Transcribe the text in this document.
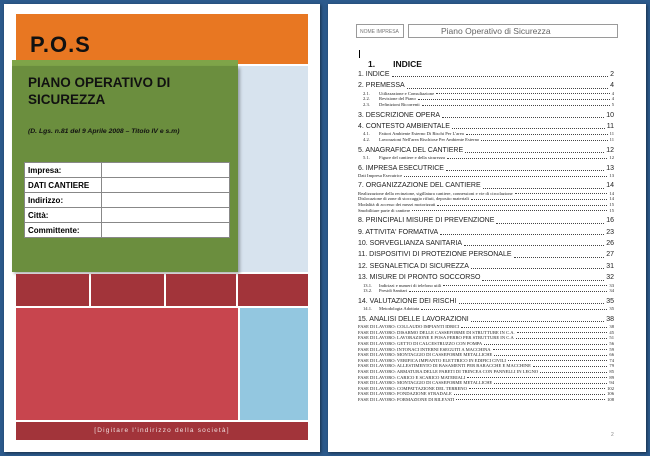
P.O.S
PIANO OPERATIVO DI SICUREZZA
(D. Lgs. n.81 del 9 Aprile 2008 – Titolo IV e s.m)
Impresa:	
DATI CANTIERE	
Indirizzo:	
Città:	
Committente:	
[Digitare l'indirizzo della società]
NOME IMPRESA	Piano Operativo di Sicurezza
1. INDICE
1. INDICE	2
2. PREMESSA	4
2.1. Utilizzazione e Consultazione	4
2.2. Revisione del Piano	4
2.3. Definizioni Ricorrenti	5
3. DESCRIZIONE OPERA	10
4. CONTESTO AMBIENTALE	11
4.1. Fattori Ambiente Esterno Di Rischi Per L'area	11
4.2. Lavorazioni Nell'area Rischiose Per Ambiente Esterno	11
5. ANAGRAFICA DEL CANTIERE	12
5.1. Figure del cantiere e della sicurezza	12
6. IMPRESA ESECUTRICE	13
Dati Impresa Esecutrice	13
7. ORGANIZZAZIONE DEL CANTIERE	14
Realizzazione della recinzione, sigillatura cantiere, connessioni e vie di circolazione	14
Dislocazione di zone di stoccaggio rifiuti, deposito materiali	14
Modalità di accesso dei mezzi motorizzati	15
Smobilitare parte di cantiere	15
8. PRINCIPALI MISURE DI PREVENZIONE	16
9. ATTIVITA' FORMATIVA	23
10. SORVEGLIANZA SANITARIA	26
11. DISPOSITIVI DI PROTEZIONE PERSONALE	27
12. SEGNALETICA DI SICUREZZA	31
13. MISURE DI PRONTO SOCCORSO	32
13.1. Indirizzi e numeri di telefono utili	33
13.2. Presidi Sanitari	34
14. VALUTAZIONE DEI RISCHI	35
14.1. Metodologia Adottata	35
15. ANALISI DELLE LAVORAZIONI	38
FASE DI LAVORO: COLLAUDO IMPIANTI IDRICI	38
FASE DI LAVORO: DISARMO DELLE CASSEFORME DI STRUTTURE IN C.A.	45
FASE DI LAVORO: LAVORAZIONE E POSA FERRO PER STRUTTURE IN C.A	51
FASE DI LAVORO: GETTO DI CALCESTRUZZO CON POMPA	56
FASE DI LAVORO: INTONACI INTERNI ESEGUITI A MACCHINA	59
FASE DI LAVORO: MONTAGGIO DI CASSEFORME METALLICHE	66
FASE DI LAVORO: VERIFICA IMPIANTO ELETTRICO IN EDIFICI CIVILI	74
FASE DI LAVORO: ALLESTIMENTO DI BASAMENTI PER BARACCHE E MACCHINE	79
FASE DI LAVORO: ARMATURA DELLE PARETI DI TRINCEA CON PANNELLI IN LEGNO	85
FASE DI LAVORO: CARICO E SCARICO MATERIALI	89
FASE DI LAVORO: MONTAGGIO DI CASSEFORME METALLICHE	94
FASE DI LAVORO: COMPATTAZIONE DEL TERRENO	102
FASE DI LAVORO: FONDAZIONE STRADALE	106
FASE DI LAVORO: FORMAZIONE DI RILEVATI	108
2
